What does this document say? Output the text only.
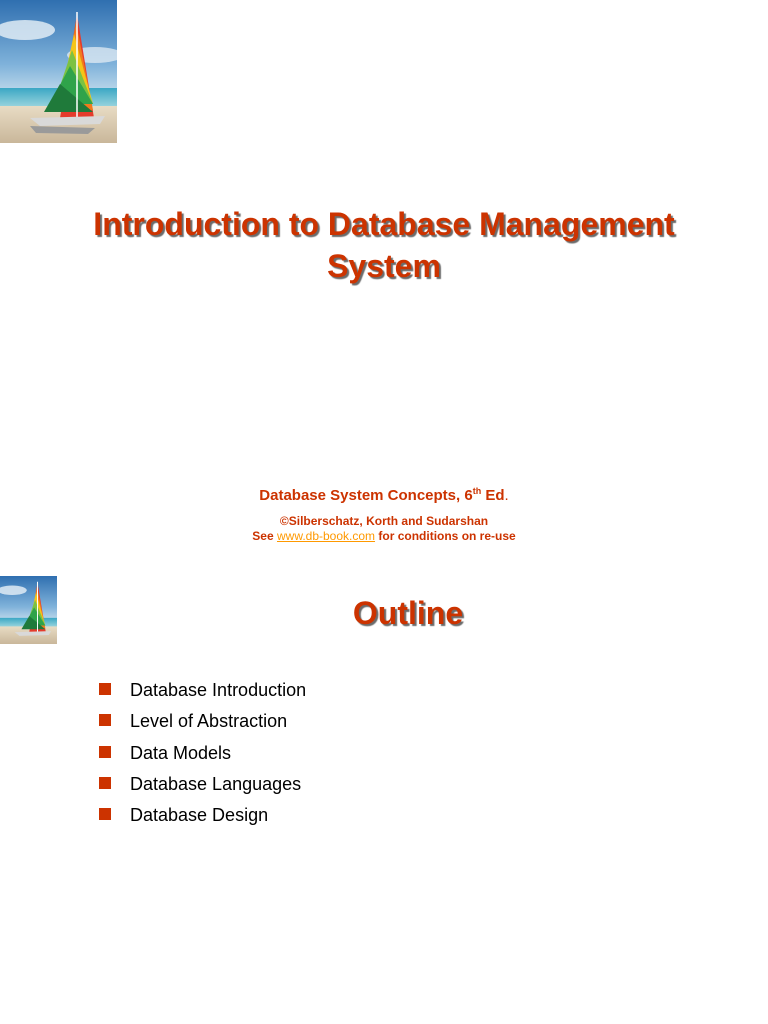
Introduction to Database Management System
Database System Concepts, 6th Ed.
©Silberschatz, Korth and Sudarshan
See www.db-book.com for conditions on re-use
Outline
Database Introduction
Level of Abstraction
Data Models
Database Languages
Database Design
